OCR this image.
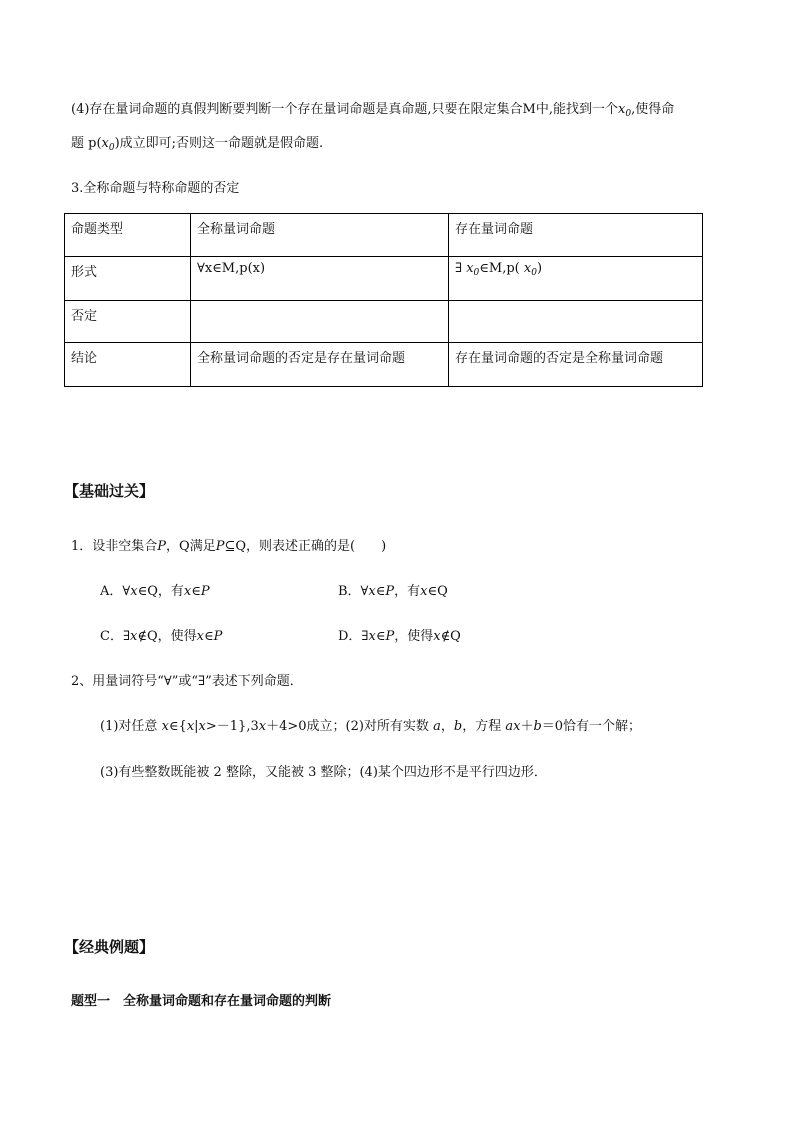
(4)存在量词命题的真假判断要判断一个存在量词命题是真命题,只要在限定集合M中,能找到一个$x_0$,使得命
题 $p(x_0)$成立即可;否则这一命题就是假命题.
3.全称命题与特称命题的否定
命题类型	全称量词命题	存在量词命题
形式	∀x∈M,p(x)	∃ $x_0\in M,p$( $x_0$)
否定		
结论	全称量词命题的否定是存在量词命题	存在量词命题的否定是全称量词命题
【基础过关】
1．设非空集合P，Q满足P⊆Q，则表述正确的是(　　)
A．∀x∈Q，有x∈P	B．∀x∈P，有x∈Q
C．∃x∉Q，使得x∈P	D．∃x∈P，使得x∉Q
2、用量词符号“∀”或“∃”表述下列命题．
(1)对任意 x∈{x|x>－1},3x＋4>0成立；(2)对所有实数 a，b，方程 ax＋b＝0恰有一个解；
(3)有些整数既能被 2 整除，又能被 3 整除；(4)某个四边形不是平行四边形．
【经典例题】
题型一　全称量词命题和存在量词命题的判断
